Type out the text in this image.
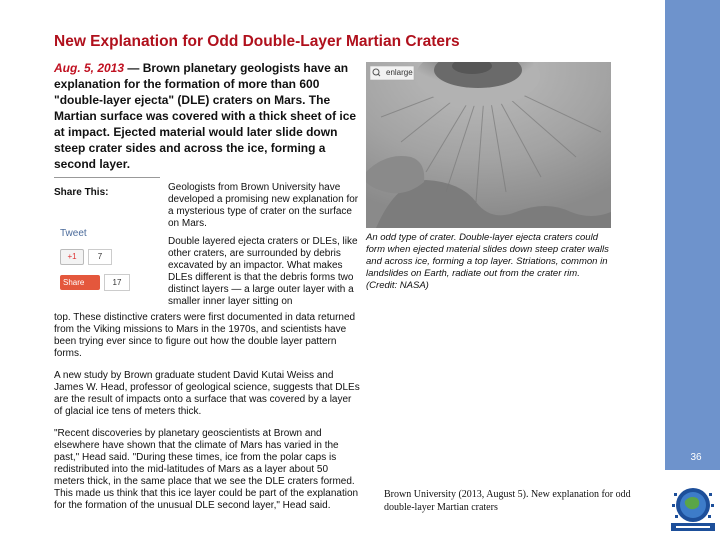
36
New Explanation for Odd Double-Layer Martian Craters
Aug. 5, 2013 — Brown planetary geologists have an explanation for the formation of more than 600 "double-layer ejecta" (DLE) craters on Mars. The Martian surface was covered with a thick sheet of ice at impact. Ejected material would later slide down steep crater sides and across the ice, forming a second layer.
Share This:
Tweet
+1	7
Share	17
Geologists from Brown University have developed a promising new explanation for a mysterious type of crater on the surface on Mars.
Double layered ejecta craters or DLEs, like other craters, are surrounded by debris excavated by an impactor. What makes DLEs different is that the debris forms two distinct layers — a large outer layer with a smaller inner layer sitting on
top. These distinctive craters were first documented in data returned from the Viking missions to Mars in the 1970s, and scientists have been trying ever since to figure out how the double layer pattern forms.
A new study by Brown graduate student David Kutai Weiss and James W. Head, professor of geological science, suggests that DLEs are the result of impacts onto a surface that was covered by a layer of glacial ice tens of meters thick.
"Recent discoveries by planetary geoscientists at Brown and elsewhere have shown that the climate of Mars has varied in the past," Head said. "During these times, ice from the polar caps is redistributed into the mid-latitudes of Mars as a layer about 50 meters thick, in the same place that we see the DLE craters formed. This made us think that this ice layer could be part of the explanation for the formation of the unusual DLE second layer," Head said.
enlarge
An odd type of crater. Double-layer ejecta craters could form when ejected material slides down steep crater walls and across ice, forming a top layer. Striations, common in landslides on Earth, radiate out from the crater rim. (Credit: NASA)
Brown University (2013, August 5). New explanation for odd double-layer Martian craters
